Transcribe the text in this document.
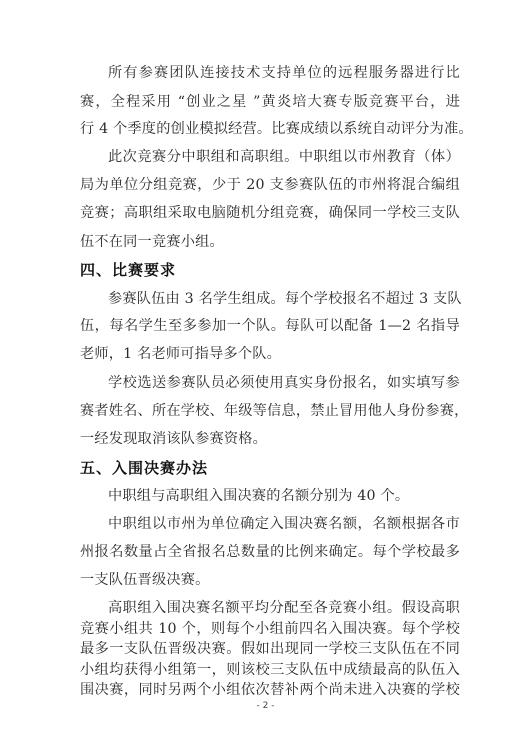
所有参赛团队连接技术支持单位的远程服务器进行比
赛，全程采用 “创业之星 ”黄炎培大赛专版竞赛平台，进
行 4 个季度的创业模拟经营。比赛成绩以系统自动评分为准。
此次竞赛分中职组和高职组。中职组以市州教育（体）
局为单位分组竞赛，少于 20 支参赛队伍的市州将混合编组
竞赛；高职组采取电脑随机分组竞赛，确保同一学校三支队
伍不在同一竞赛小组。
四、比赛要求
参赛队伍由 3 名学生组成。每个学校报名不超过 3 支队
伍，每名学生至多参加一个队。每队可以配备 1—2 名指导
老师，1 名老师可指导多个队。
学校选送参赛队员必须使用真实身份报名，如实填写参
赛者姓名、所在学校、年级等信息，禁止冒用他人身份参赛，
一经发现取消该队参赛资格。
五、入围决赛办法
中职组与高职组入围决赛的名额分别为 40 个。
中职组以市州为单位确定入围决赛名额，名额根据各市
州报名数量占全省报名总数量的比例来确定。每个学校最多
一支队伍晋级决赛。
- 2 -
高职组入围决赛名额平均分配至各竞赛小组。假设高职
竞赛小组共 10 个，则每个小组前四名入围决赛。每个学校
最多一支队伍晋级决赛。假如出现同一学校三支队伍在不同
小组均获得小组第一，则该校三支队伍中成绩最高的队伍入
围决赛，同时另两个小组依次替补两个尚未进入决赛的学校
